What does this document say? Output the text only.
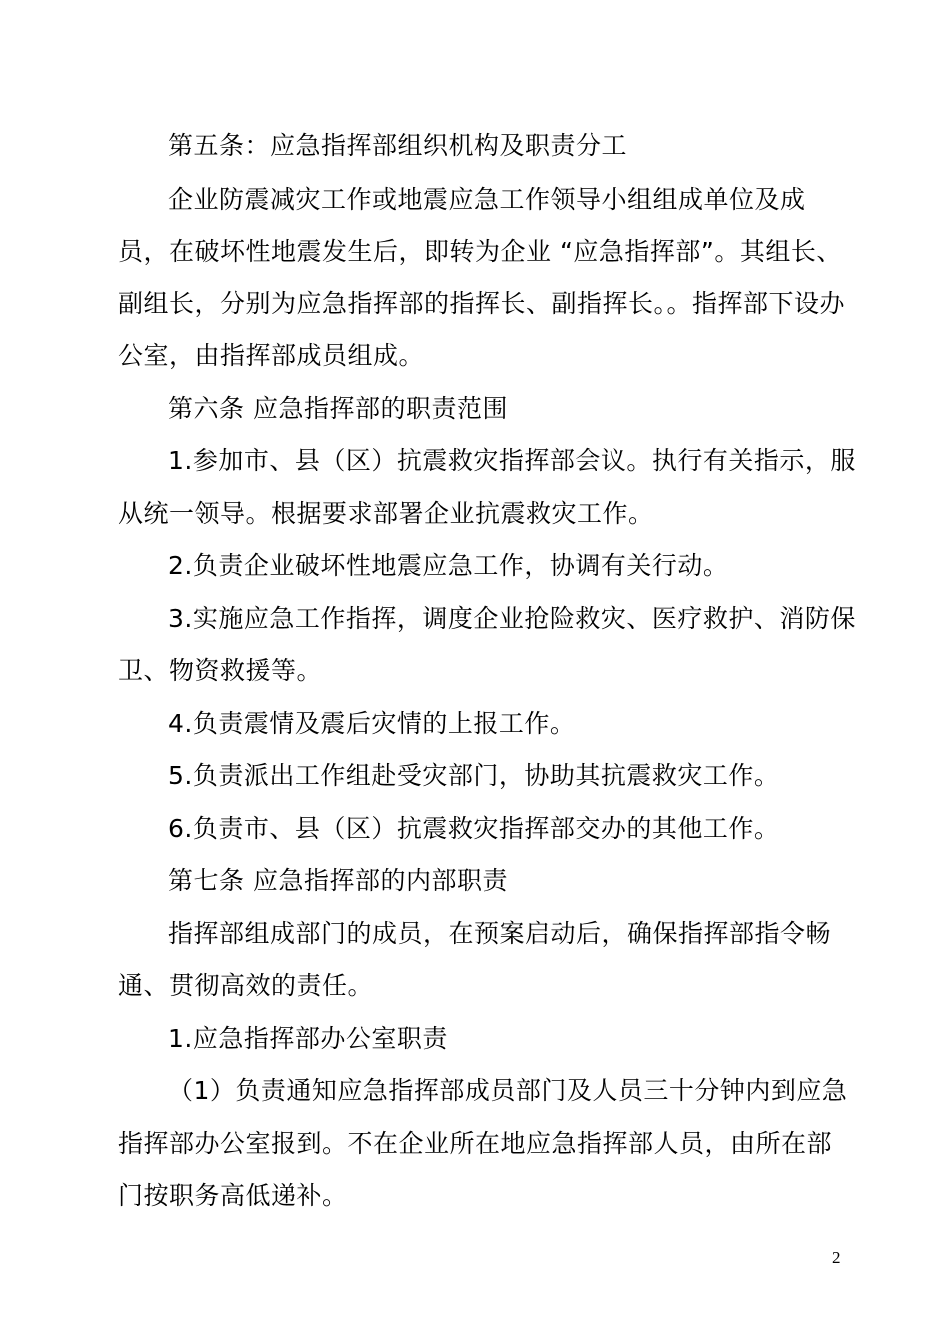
第五条：应急指挥部组织机构及职责分工
企业防震减灾工作或地震应急工作领导小组组成单位及成
员，在破坏性地震发生后，即转为企业 “应急指挥部”。其组长、
副组长，分别为应急指挥部的指挥长、副指挥长。。指挥部下设办
公室，由指挥部成员组成。
第六条 应急指挥部的职责范围
1.参加市、县（区）抗震救灾指挥部会议。执行有关指示，服
从统一领导。根据要求部署企业抗震救灾工作。
2.负责企业破坏性地震应急工作，协调有关行动。
3.实施应急工作指挥，调度企业抢险救灾、医疗救护、消防保
卫、物资救援等。
4.负责震情及震后灾情的上报工作。
5.负责派出工作组赴受灾部门，协助其抗震救灾工作。
6.负责市、县（区）抗震救灾指挥部交办的其他工作。
第七条 应急指挥部的内部职责
指挥部组成部门的成员，在预案启动后，确保指挥部指令畅
通、贯彻高效的责任。
1.应急指挥部办公室职责
（1）负责通知应急指挥部成员部门及人员三十分钟内到应急
指挥部办公室报到。不在企业所在地应急指挥部人员，由所在部
门按职务高低递补。
2
